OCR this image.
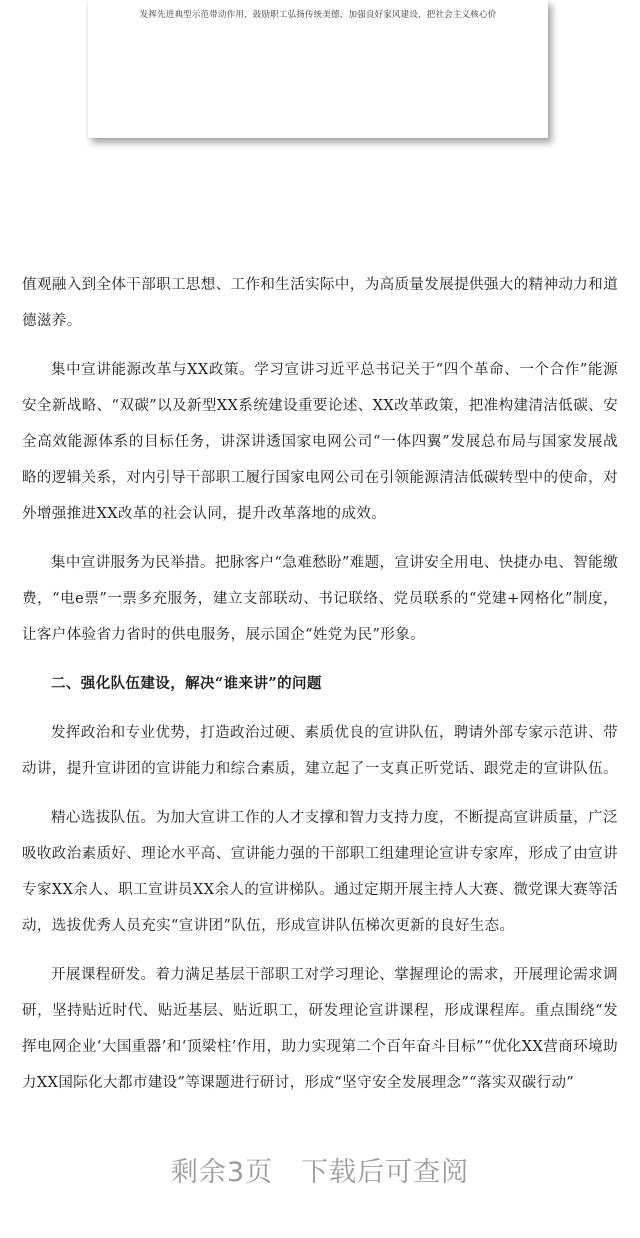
发挥先进典型示范带动作用，鼓励职工弘扬传统美德，加强良好家风建设，把社会主义核心价

值观融入到全体干部职工思想、工作和生活实际中，为高质量发展提供强大的精神动力和道德滋养。

集中宣讲能源改革与XX政策。学习宣讲习近平总书记关于“四个革命、一个合作”能源安全新战略、“双碳”以及新型XX系统建设重要论述、XX改革政策，把准构建清洁低碳、安全高效能源体系的目标任务，讲深讲透国家电网公司“一体四翼”发展总布局与国家发展战略的逻辑关系，对内引导干部职工履行国家电网公司在引领能源清洁低碳转型中的使命，对外增强推进XX改革的社会认同，提升改革落地的成效。

集中宣讲服务为民举措。把脉客户“急难愁盼”难题，宣讲安全用电、快捷办电、智能缴费，“电e票”一票多充服务，建立支部联动、书记联络、党员联系的“党建+网格化”制度，让客户体验省力省时的供电服务，展示国企“姓党为民”形象。

二、强化队伍建设，解决“谁来讲”的问题

发挥政治和专业优势，打造政治过硬、素质优良的宣讲队伍，聘请外部专家示范讲、带动讲，提升宣讲团的宣讲能力和综合素质，建立起了一支真正听党话、跟党走的宣讲队伍。

精心选拔队伍。为加大宣讲工作的人才支撑和智力支持力度，不断提高宣讲质量，广泛吸收政治素质好、理论水平高、宣讲能力强的干部职工组建理论宣讲专家库，形成了由宣讲专家XX余人、职工宣讲员XX余人的宣讲梯队。通过定期开展主持人大赛、微党课大赛等活动，选拔优秀人员充实“宣讲团”队伍，形成宣讲队伍梯次更新的良好生态。

开展课程研发。着力满足基层干部职工对学习理论、掌握理论的需求，开展理论需求调研，坚持贴近时代、贴近基层、贴近职工，研发理论宣讲课程，形成课程库。重点围绕“发挥电网企业‘大国重器’和‘顶梁柱’作用，助力实现第二个百年奋斗目标”“优化XX营商环境助力XX国际化大都市建设”等课题进行研讨，形成“坚守安全发展理念”“落实双碳行动”

剩余3页 下载后可查阅
